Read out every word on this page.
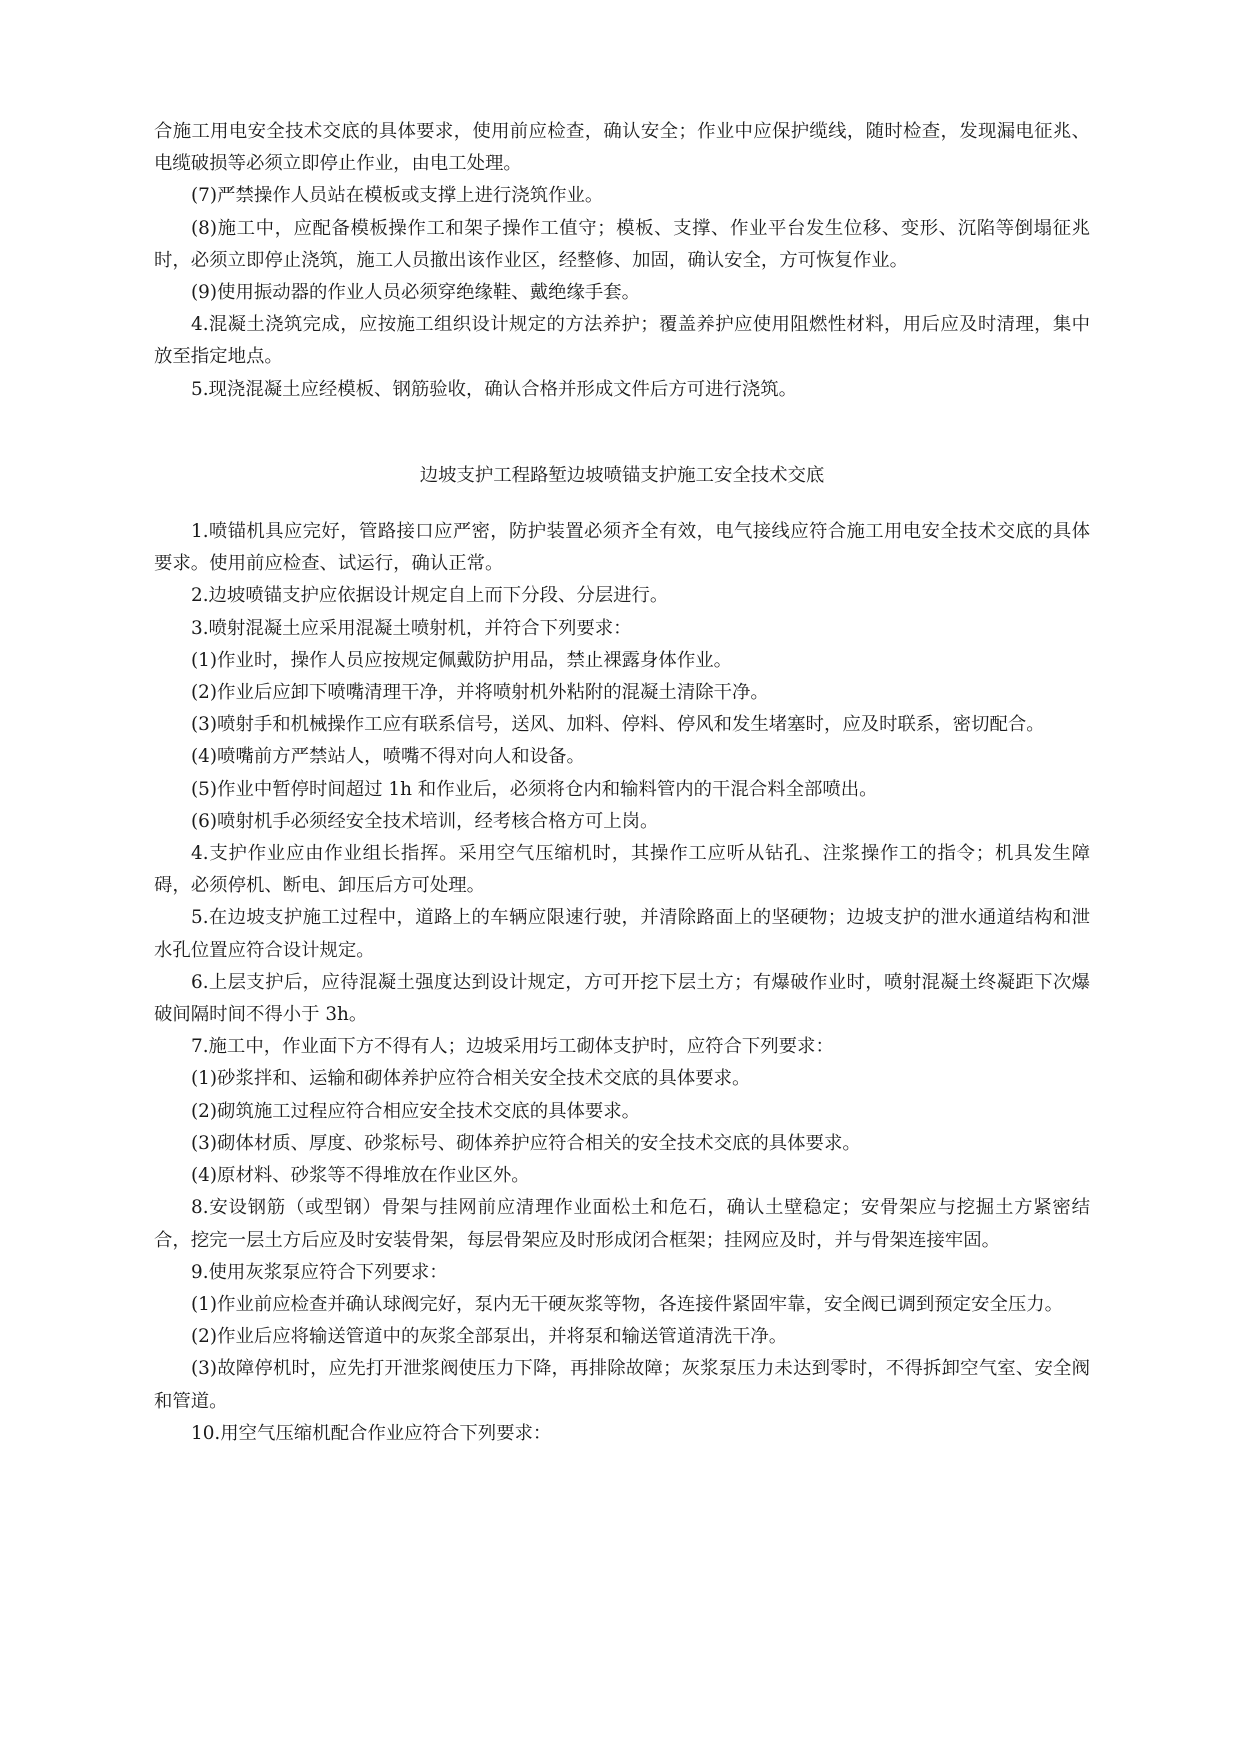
合施工用电安全技术交底的具体要求，使用前应检查，确认安全；作业中应保护缆线，随时检查，发现漏电征兆、电缆破损等必须立即停止作业，由电工处理。

(7)严禁操作人员站在模板或支撑上进行浇筑作业。

(8)施工中，应配备模板操作工和架子操作工值守；模板、支撑、作业平台发生位移、变形、沉陷等倒塌征兆时，必须立即停止浇筑，施工人员撤出该作业区，经整修、加固，确认安全，方可恢复作业。

(9)使用振动器的作业人员必须穿绝缘鞋、戴绝缘手套。

4.混凝土浇筑完成，应按施工组织设计规定的方法养护；覆盖养护应使用阻燃性材料，用后应及时清理，集中放至指定地点。

5.现浇混凝土应经模板、钢筋验收，确认合格并形成文件后方可进行浇筑。

边坡支护工程路堑边坡喷锚支护施工安全技术交底

1.喷锚机具应完好，管路接口应严密，防护装置必须齐全有效，电气接线应符合施工用电安全技术交底的具体要求。使用前应检查、试运行，确认正常。

2.边坡喷锚支护应依据设计规定自上而下分段、分层进行。

3.喷射混凝土应采用混凝土喷射机，并符合下列要求：

(1)作业时，操作人员应按规定佩戴防护用品，禁止裸露身体作业。

(2)作业后应卸下喷嘴清理干净，并将喷射机外粘附的混凝土清除干净。

(3)喷射手和机械操作工应有联系信号，送风、加料、停料、停风和发生堵塞时，应及时联系，密切配合。

(4)喷嘴前方严禁站人，喷嘴不得对向人和设备。

(5)作业中暂停时间超过 1h 和作业后，必须将仓内和输料管内的干混合料全部喷出。

(6)喷射机手必须经安全技术培训，经考核合格方可上岗。

4.支护作业应由作业组长指挥。采用空气压缩机时，其操作工应听从钻孔、注浆操作工的指令；机具发生障碍，必须停机、断电、卸压后方可处理。

5.在边坡支护施工过程中，道路上的车辆应限速行驶，并清除路面上的坚硬物；边坡支护的泄水通道结构和泄水孔位置应符合设计规定。

6.上层支护后，应待混凝土强度达到设计规定，方可开挖下层土方；有爆破作业时，喷射混凝土终凝距下次爆破间隔时间不得小于 3h。

7.施工中，作业面下方不得有人；边坡采用圬工砌体支护时，应符合下列要求：

(1)砂浆拌和、运输和砌体养护应符合相关安全技术交底的具体要求。

(2)砌筑施工过程应符合相应安全技术交底的具体要求。

(3)砌体材质、厚度、砂浆标号、砌体养护应符合相关的安全技术交底的具体要求。

(4)原材料、砂浆等不得堆放在作业区外。

8.安设钢筋（或型钢）骨架与挂网前应清理作业面松土和危石，确认土壁稳定；安骨架应与挖掘土方紧密结合，挖完一层土方后应及时安装骨架，每层骨架应及时形成闭合框架；挂网应及时，并与骨架连接牢固。

9.使用灰浆泵应符合下列要求：

(1)作业前应检查并确认球阀完好，泵内无干硬灰浆等物，各连接件紧固牢靠，安全阀已调到预定安全压力。

(2)作业后应将输送管道中的灰浆全部泵出，并将泵和输送管道清洗干净。

(3)故障停机时，应先打开泄浆阀使压力下降，再排除故障；灰浆泵压力未达到零时，不得拆卸空气室、安全阀和管道。

10.用空气压缩机配合作业应符合下列要求：
